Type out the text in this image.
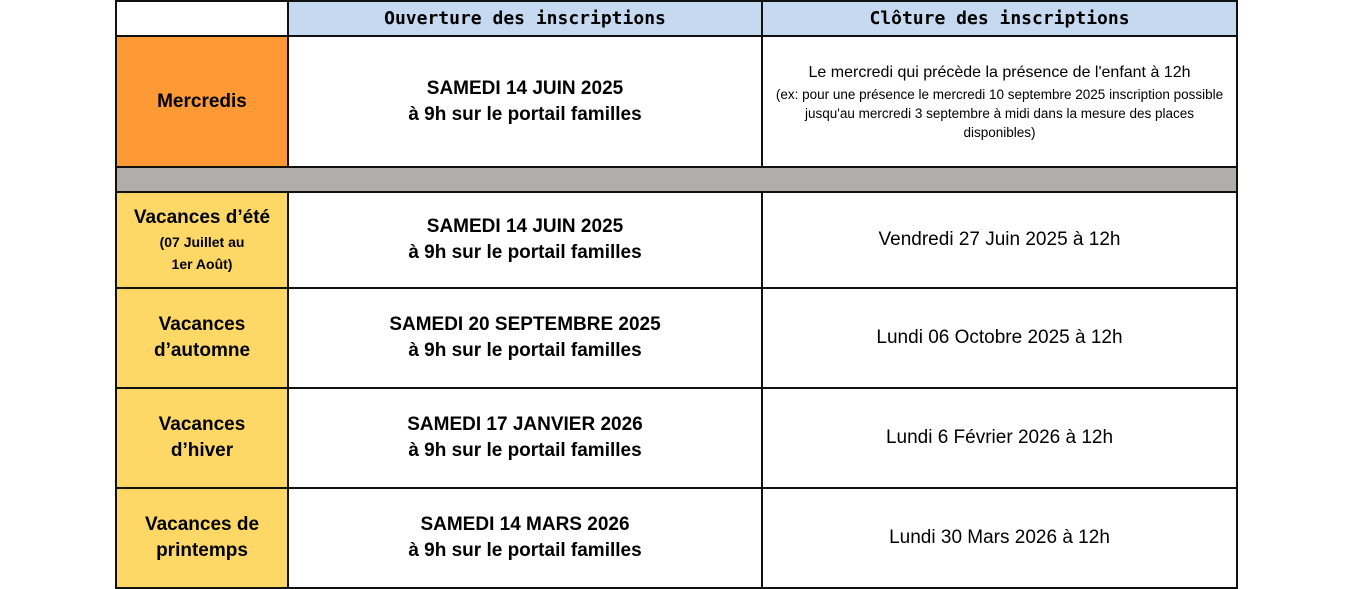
	Ouverture des inscriptions	Clôture des inscriptions
Mercredis	SAMEDI 14 JUIN 2025
à 9h sur le portail familles	Le mercredi qui précède la présence de l'enfant à 12h
(ex: pour une présence le mercredi 10 septembre 2025 inscription possible jusqu'au mercredi 3 septembre à midi dans la mesure des places disponibles)

Vacances d’été
(07 Juillet au
1er Août)	SAMEDI 14 JUIN 2025
à 9h sur le portail familles	Vendredi 27 Juin 2025 à 12h

Vacances
d’automne	SAMEDI 20 SEPTEMBRE 2025
à 9h sur le portail familles	Lundi 06 Octobre 2025 à 12h

Vacances
d’hiver	SAMEDI 17 JANVIER 2026
à 9h sur le portail familles	Lundi 6 Février 2026 à 12h

Vacances de
printemps	SAMEDI 14 MARS 2026
à 9h sur le portail familles	Lundi 30 Mars 2026 à 12h
